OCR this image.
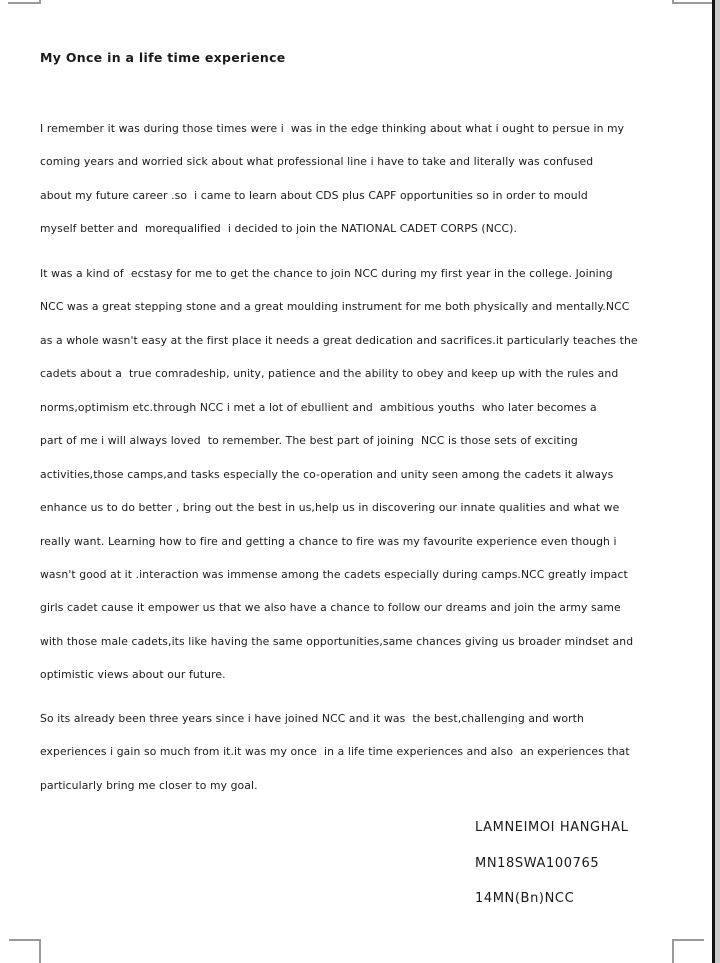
My Once in a life time experience
I remember it was during those times were i  was in the edge thinking about what i ought to persue in my
coming years and worried sick about what professional line i have to take and literally was confused
about my future career .so  i came to learn about CDS plus CAPF opportunities so in order to mould
myself better and  morequalified  i decided to join the NATIONAL CADET CORPS (NCC).
It was a kind of  ecstasy for me to get the chance to join NCC during my first year in the college. Joining
NCC was a great stepping stone and a great moulding instrument for me both physically and mentally.NCC
as a whole wasn't easy at the first place it needs a great dedication and sacrifices.it particularly teaches the
cadets about a  true comradeship, unity, patience and the ability to obey and keep up with the rules and
norms,optimism etc.through NCC i met a lot of ebullient and  ambitious youths  who later becomes a
part of me i will always loved  to remember. The best part of joining  NCC is those sets of exciting
activities,those camps,and tasks especially the co-operation and unity seen among the cadets it always
enhance us to do better , bring out the best in us,help us in discovering our innate qualities and what we
really want. Learning how to fire and getting a chance to fire was my favourite experience even though i
wasn't good at it .interaction was immense among the cadets especially during camps.NCC greatly impact
girls cadet cause it empower us that we also have a chance to follow our dreams and join the army same
with those male cadets,its like having the same opportunities,same chances giving us broader mindset and
optimistic views about our future.
So its already been three years since i have joined NCC and it was  the best,challenging and worth
experiences i gain so much from it.it was my once  in a life time experiences and also  an experiences that
particularly bring me closer to my goal.
LAMNEIMOI HANGHAL
MN18SWA100765
14MN(Bn)NCC
